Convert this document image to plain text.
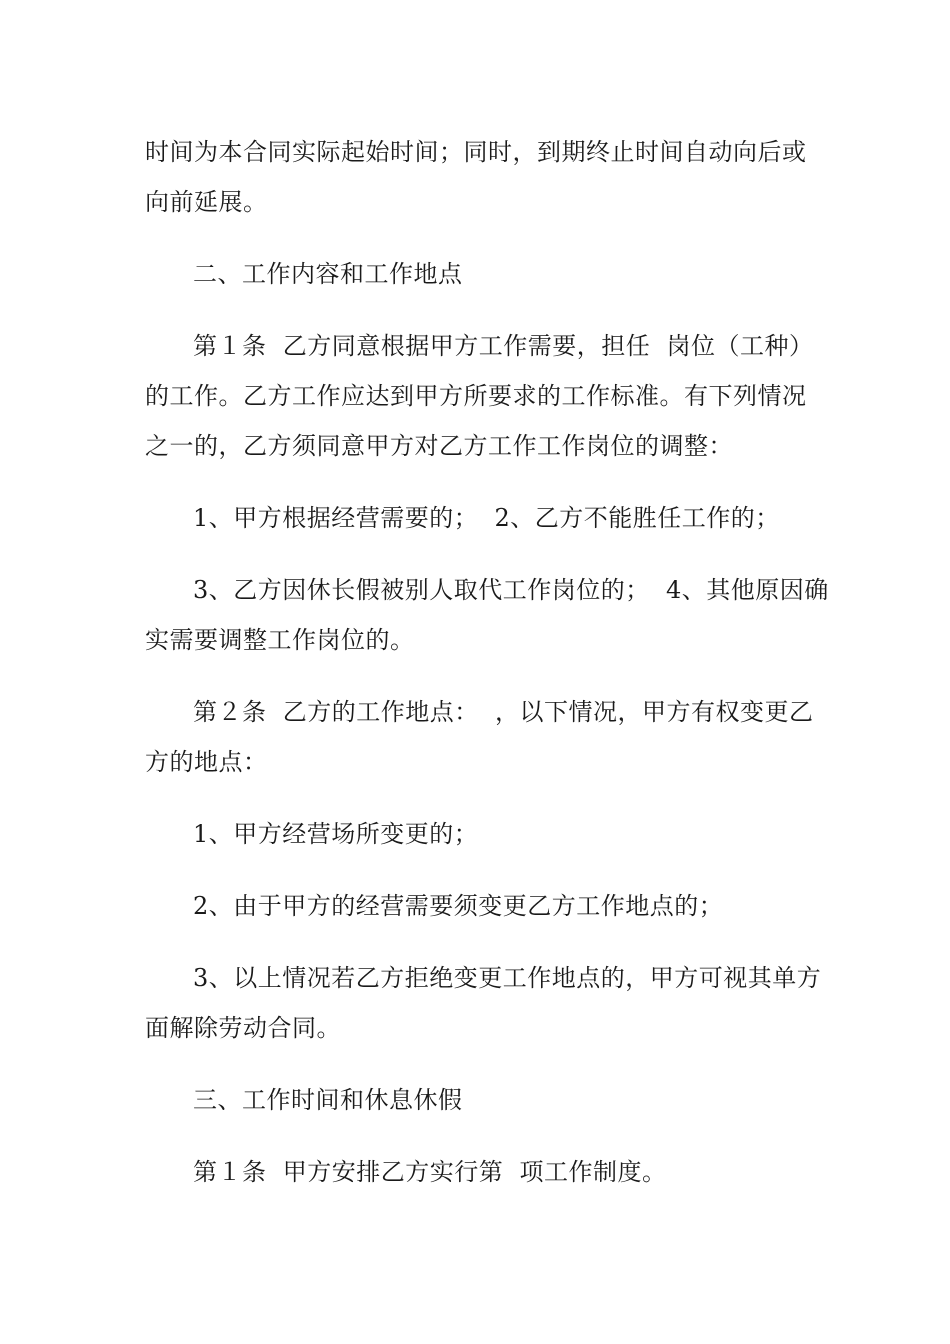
时间为本合同实际起始时间；同时，到期终止时间自动向后或
向前延展。
二、工作内容和工作地点
第１条  乙方同意根据甲方工作需要，担任  岗位（工种）
的工作。乙方工作应达到甲方所要求的工作标准。有下列情况
之一的，乙方须同意甲方对乙方工作工作岗位的调整：
1、甲方根据经营需要的；  2、乙方不能胜任工作的；
3、乙方因休长假被别人取代工作岗位的；  4、其他原因确
实需要调整工作岗位的。
第２条  乙方的工作地点：  ，以下情况，甲方有权变更乙
方的地点：
1、甲方经营场所变更的；
2、由于甲方的经营需要须变更乙方工作地点的；
3、以上情况若乙方拒绝变更工作地点的，甲方可视其单方
面解除劳动合同。
三、工作时间和休息休假
第１条  甲方安排乙方实行第  项工作制度。
